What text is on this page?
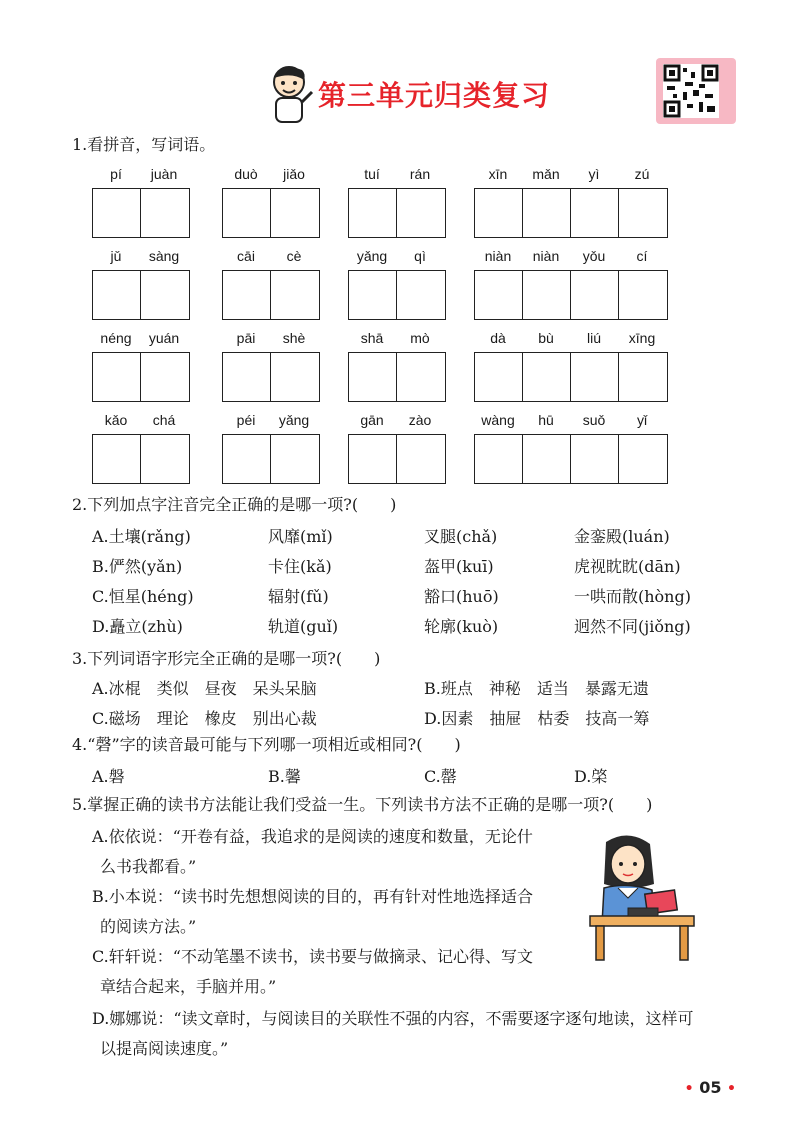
第三单元归类复习
1.看拼音，写词语。
pí	juàn	duò	jiǎo	tuí	rán	xīn	mǎn	yì	zú
jǔ	sàng	cāi	cè	yǎng	qì	niàn	niàn	yǒu	cí
néng	yuán	pāi	shè	shā	mò	dà	bù	liú	xīng
kǎo	chá	péi	yǎng	gān	zào	wàng	hū	suǒ	yǐ
2.下列加点字注音完全正确的是哪一项?(　　)
A.土壤(rǎng)	风靡(mǐ)	叉腿(chǎ)	金銮殿(luán)
B.俨然(yǎn)	卡住(kǎ)	盔甲(kuī)	虎视眈眈(dān)
C.恒星(héng)	辐射(fǔ)	豁口(huō)	一哄而散(hòng)
D.矗立(zhù)	轨道(guǐ)	轮廓(kuò)	迥然不同(jiǒng)
3.下列词语字形完全正确的是哪一项?(　　)
A.冰棍　类似　昼夜　呆头呆脑	B.班点　神秘　适当　暴露无遗
C.磁场　理论　橡皮　别出心裁	D.因素　抽屉　枯委　技高一筹
4.“磬”字的读音最可能与下列哪一项相近或相同?(　　)
A.磐	B.馨	C.罄	D.棨
5.掌握正确的读书方法能让我们受益一生。下列读书方法不正确的是哪一项?(　　)
A.依依说：“开卷有益，我追求的是阅读的速度和数量，无论什
么书我都看。”
B.小本说：“读书时先想想阅读的目的，再有针对性地选择适合
的阅读方法。”
C.轩轩说：“不动笔墨不读书，读书要与做摘录、记心得、写文
章结合起来，手脑并用。”
D.娜娜说：“读文章时，与阅读目的关联性不强的内容，不需要逐字逐句地读，这样可
以提高阅读速度。”
• 05 •
